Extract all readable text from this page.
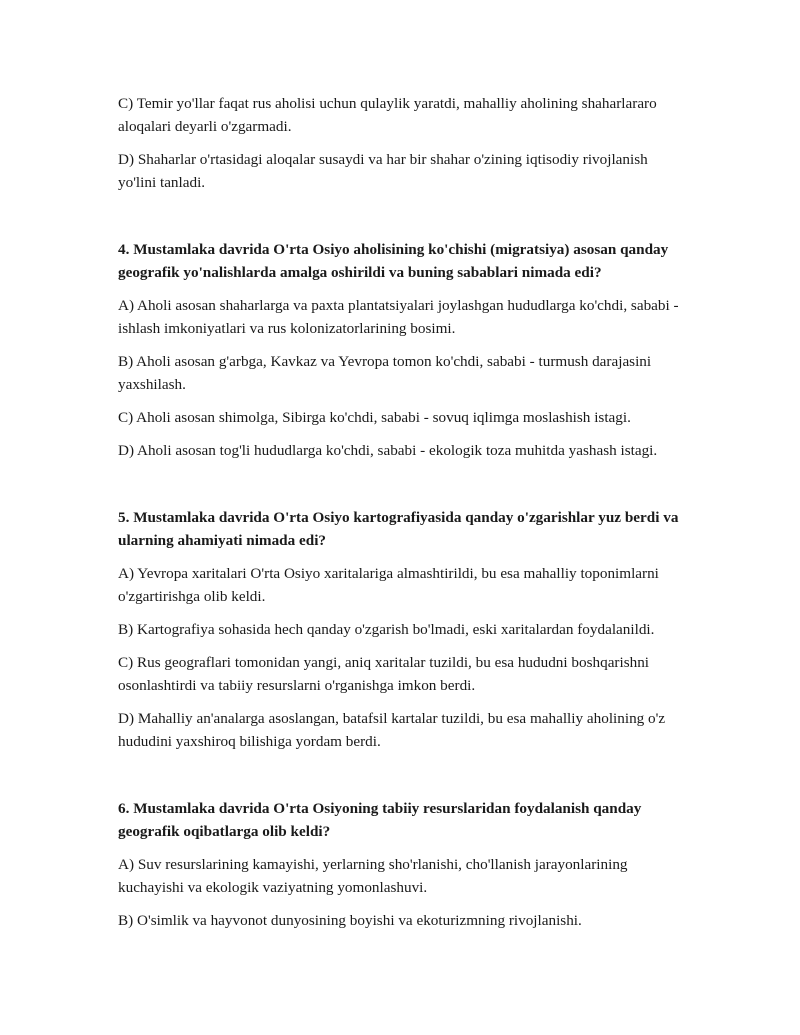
C) Temir yo'llar faqat rus aholisi uchun qulaylik yaratdi, mahalliy aholining shaharlararo aloqalari deyarli o'zgarmadi.

D) Shaharlar o'rtasidagi aloqalar susaydi va har bir shahar o'zining iqtisodiy rivojlanish yo'lini tanladi.

4. Mustamlaka davrida O'rta Osiyo aholisining ko'chishi (migratsiya) asosan qanday geografik yo'nalishlarda amalga oshirildi va buning sabablari nimada edi?

A) Aholi asosan shaharlarga va paxta plantatsiyalari joylashgan hududlarga ko'chdi, sababi - ishlash imkoniyatlari va rus kolonizatorlarining bosimi.

B) Aholi asosan g'arbga, Kavkaz va Yevropa tomon ko'chdi, sababi - turmush darajasini yaxshilash.

C) Aholi asosan shimolga, Sibirga ko'chdi, sababi - sovuq iqlimga moslashish istagi.

D) Aholi asosan tog'li hududlarga ko'chdi, sababi - ekologik toza muhitda yashash istagi.

5. Mustamlaka davrida O'rta Osiyo kartografiyasida qanday o'zgarishlar yuz berdi va ularning ahamiyati nimada edi?

A) Yevropa xaritalari O'rta Osiyo xaritalariga almashtirildi, bu esa mahalliy toponimlarni o'zgartirishga olib keldi.

B) Kartografiya sohasida hech qanday o'zgarish bo'lmadi, eski xaritalardan foydalanildi.

C) Rus geograflari tomonidan yangi, aniq xaritalar tuzildi, bu esa hududni boshqarishni osonlashtirdi va tabiiy resurslarni o'rganishga imkon berdi.

D) Mahalliy an'analarga asoslangan, batafsil kartalar tuzildi, bu esa mahalliy aholining o'z hududini yaxshiroq bilishiga yordam berdi.

6. Mustamlaka davrida O'rta Osiyoning tabiiy resurslaridan foydalanish qanday geografik oqibatlarga olib keldi?

A) Suv resurslarining kamayishi, yerlarning sho'rlanishi, cho'llanish jarayonlarining kuchayishi va ekologik vaziyatning yomonlashuvi.

B) O'simlik va hayvonot dunyosining boyishi va ekoturizmning rivojlanishi.
